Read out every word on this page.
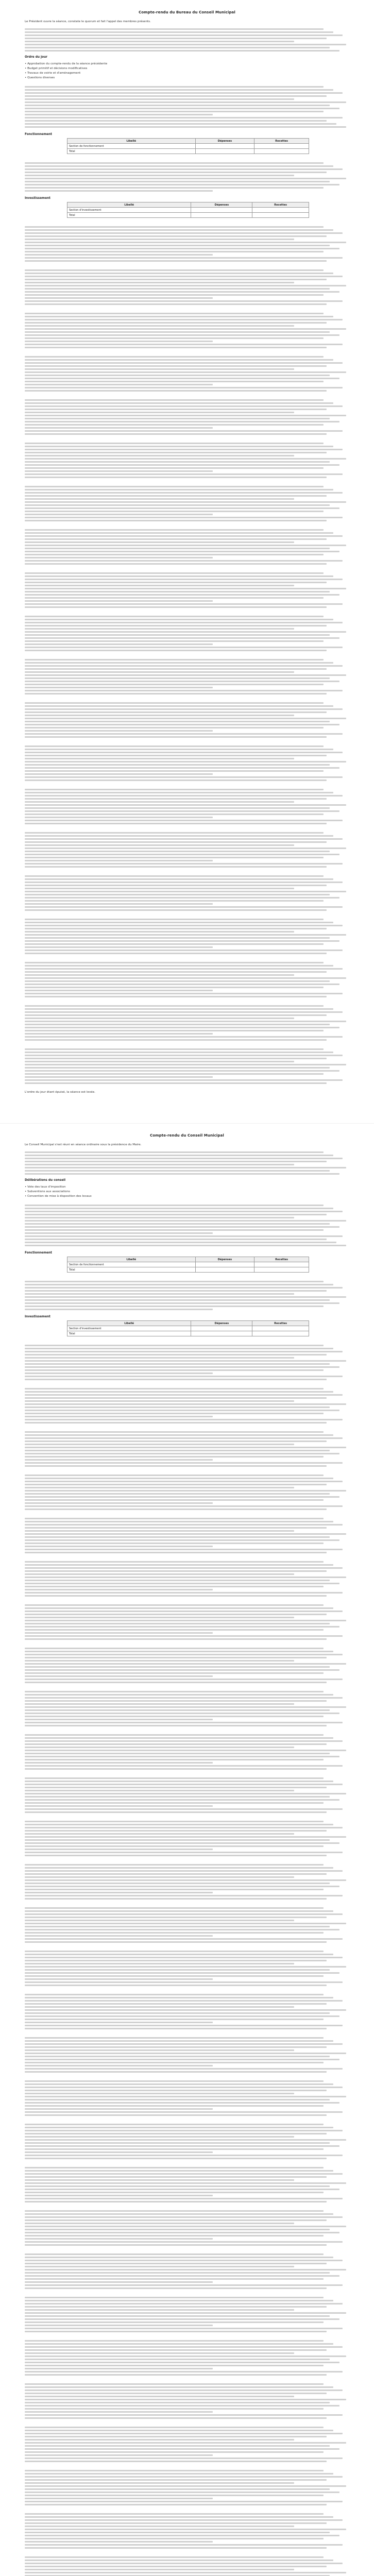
Compte-rendu du Bureau du Conseil Municipal
Le Président ouvre la séance, constate le quorum et fait l'appel des membres présents.
Ordre du jour
• Approbation du compte-rendu de la séance précédente
• Budget primitif et décisions modificatives
• Travaux de voirie et d'aménagement
• Questions diverses
Fonctionnement
Libellé	Dépenses	Recettes
Section de fonctionnement		
Total		
Investissement
Libellé	Dépenses	Recettes
Section d'investissement		
Total		
L'ordre du jour étant épuisé, la séance est levée.
Compte-rendu du Conseil Municipal
Le Conseil Municipal s'est réuni en séance ordinaire sous la présidence du Maire.
Délibérations du conseil
• Vote des taux d'imposition
• Subventions aux associations
• Convention de mise à disposition des locaux
Fonctionnement
Libellé	Dépenses	Recettes
Section de fonctionnement		
Total		
Investissement
Libellé	Dépenses	Recettes
Section d'investissement		
Total		
